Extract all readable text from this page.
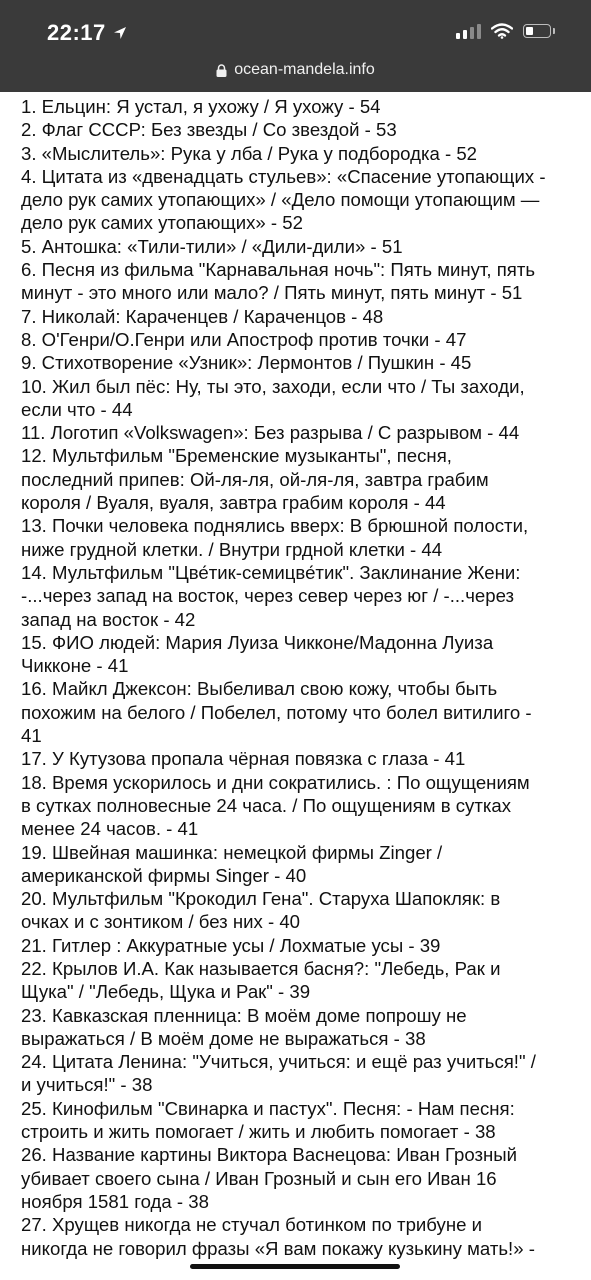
22:17
ocean-mandela.info

1. Ельцин: Я устал, я ухожу / Я ухожу - 54

2. Флаг СССР: Без звезды / Со звездой - 53

3. «Мыслитель»: Рука у лба / Рука у подбородка - 52

4. Цитата из «двенадцать стульев»: «Спасение утопающих -

дело рук самих утопающих» / «Дело помощи утопающим —

дело рук самих утопающих» - 52

5. Антошка: «Тили-тили» / «Дили-дили» - 51

6. Песня из фильма "Карнавальная ночь": Пять минут, пять

минут - это много или мало? / Пять минут, пять минут - 51

7. Николай: Караченцев / Караченцов - 48

8. О'Генри/О.Генри или Апостроф против точки - 47

9. Стихотворение «Узник»: Лермонтов / Пушкин - 45

10. Жил был пёс: Ну, ты это, заходи, если что / Ты заходи,

если что - 44

11. Логотип «Volkswagen»: Без разрыва / С разрывом - 44

12. Мультфильм "Бременские музыканты", песня,

последний припев: Ой-ля-ля, ой-ля-ля, завтра грабим

короля / Вуаля, вуаля, завтра грабим короля - 44

13. Почки человека поднялись вверх: В брюшной полости,

ниже грудной клетки. / Внутри грдной клетки - 44

14. Мультфильм "Цве́тик-семицве́тик". Заклинание Жени:

-...через запад на восток, через север через юг / -...через

запад на восток - 42

15. ФИО людей: Мария Луиза Чикконе/Мадонна Луиза

Чикконе - 41

16. Майкл Джексон: Выбеливал свою кожу, чтобы быть

похожим на белого / Побелел, потому что болел витилиго -

41

17. У Кутузова пропала чёрная повязка с глаза - 41

18. Время ускорилось и дни сократились. : По ощущениям

в сутках полновесные 24 часа. / По ощущениям в сутках

менее 24 часов. - 41

19. Швейная машинка: немецкой фирмы Zinger /

американской фирмы Singer - 40

20. Мультфильм "Крокодил Гена". Старуха Шапокляк: в

очках и с зонтиком / без них - 40

21. Гитлер : Аккуратные усы / Лохматые усы - 39

22. Крылов И.А. Как называется басня?: "Лебедь, Рак и

Щука" / "Лебедь, Щука и Рак" - 39

23. Кавказская пленница: В моём доме попрошу не

выражаться / В моём доме не выражаться - 38

24. Цитата Ленина: "Учиться, учиться: и ещё раз учиться!" /

и учиться!" - 38

25. Кинофильм "Свинарка и пастух". Песня: - Нам песня:

строить и жить помогает / жить и любить помогает - 38

26. Название картины Виктора Васнецова: Иван Грозный

убивает своего сына / Иван Грозный и сын его Иван 16

ноября 1581 года - 38

27. Хрущев никогда не стучал ботинком по трибуне и

никогда не говорил фразы «Я вам покажу кузькину мать!» -
